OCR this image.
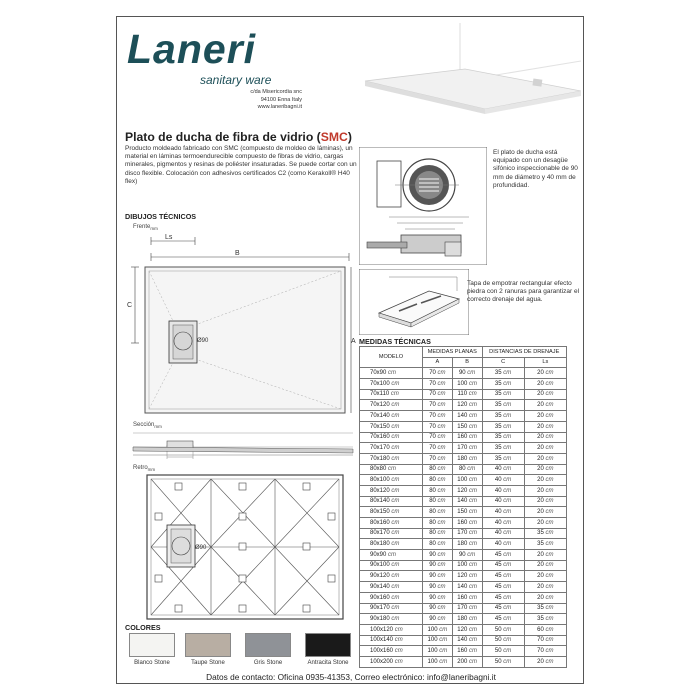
Laneri
sanitary ware
c/da Misericordia snc
94100 Enna Italy
www.laneribagni.it
Plato de ducha de fibra de vidrio (SMC)
Producto moldeado fabricado con SMC (compuesto de moldeo de láminas), un material en láminas termoendurecible compuesto de fibras de vidrio, cargas minerales, pigmentos y resinas de poliéster insaturadas. Se puede cortar con un disco flexible. Colocación con adhesivos certificados C2 (como Kerakoll® H40 flex)
El plato de ducha está equipado con un desagüe sifónico inspeccionable de 90 mm de diámetro y 40 mm de profundidad.
Tapa de empotrar rectangular efecto piedra con 2 ranuras para garantizar el correcto drenaje del agua.
DIBUJOS TÉCNICOS
Frente$_{mm}$
Ls
B
C
A
Ø90
Sección$_{mm}$
Retro$_{mm}$
Ø90
MEDIDAS TÉCNICAS
MODELO	MEDIDAS PLANAS		DISTANCIAS DE DRENAJE	
	A	B	C	Ls
70x90 cm	70 cm	90 cm	35 cm	20 cm
70x100 cm	70 cm	100 cm	35 cm	20 cm
70x110 cm	70 cm	110 cm	35 cm	20 cm
70x120 cm	70 cm	120 cm	35 cm	20 cm
70x140 cm	70 cm	140 cm	35 cm	20 cm
70x150 cm	70 cm	150 cm	35 cm	20 cm
70x160 cm	70 cm	160 cm	35 cm	20 cm
70x170 cm	70 cm	170 cm	35 cm	20 cm
70x180 cm	70 cm	180 cm	35 cm	20 cm
80x80 cm	80 cm	80 cm	40 cm	20 cm
80x100 cm	80 cm	100 cm	40 cm	20 cm
80x120 cm	80 cm	120 cm	40 cm	20 cm
80x140 cm	80 cm	140 cm	40 cm	20 cm
80x150 cm	80 cm	150 cm	40 cm	20 cm
80x160 cm	80 cm	160 cm	40 cm	20 cm
80x170 cm	80 cm	170 cm	40 cm	35 cm
80x180 cm	80 cm	180 cm	40 cm	35 cm
90x90 cm	90 cm	90 cm	45 cm	20 cm
90x100 cm	90 cm	100 cm	45 cm	20 cm
90x120 cm	90 cm	120 cm	45 cm	20 cm
90x140 cm	90 cm	140 cm	45 cm	20 cm
90x160 cm	90 cm	160 cm	45 cm	20 cm
90x170 cm	90 cm	170 cm	45 cm	35 cm
90x180 cm	90 cm	180 cm	45 cm	35 cm
100x120 cm	100 cm	120 cm	50 cm	60 cm
100x140 cm	100 cm	140 cm	50 cm	70 cm
100x160 cm	100 cm	160 cm	50 cm	70 cm
100x200 cm	100 cm	200 cm	50 cm	20 cm
COLORES
Blanco Stone	Taupe Stone	Gris Stone	Antracita Stone
Datos de contacto: Oficina 0935-41353, Correo electrónico: info@laneribagni.it
